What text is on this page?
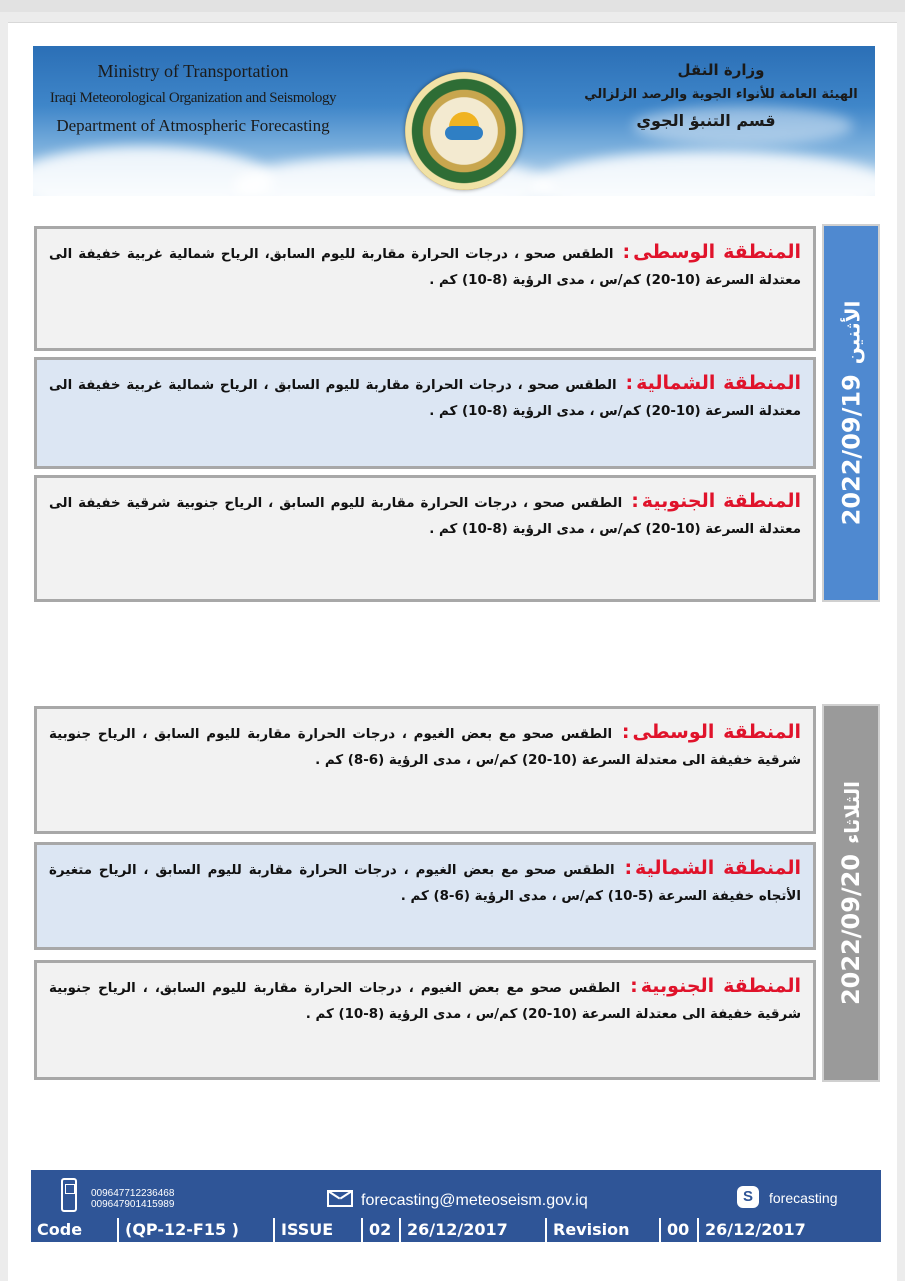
Ministry of Transportation
Iraqi Meteorological Organization and Seismology
Department of Atmospheric Forecasting
وزارة النقل
الهيئة العامة للأنواء الجوية والرصد الزلزالي
قسم التنبؤ الجوي
المنطقة الوسطى: الطقس صحو ، درجات الحرارة مقاربة لليوم السابق، الرياح شمالية غربية خفيفة الى معتدلة السرعة (10-20) كم/س ، مدى الرؤية (8-10) كم .
المنطقة الشمالية: الطقس صحو ، درجات الحرارة مقاربة لليوم السابق ، الرياح شمالية غربية خفيفة الى معتدلة السرعة (10-20) كم/س ، مدى الرؤية (8-10) كم .
المنطقة الجنوبية: الطقس صحو ، درجات الحرارة مقاربة لليوم السابق ، الرياح جنوبية شرقية خفيفة الى معتدلة السرعة (10-20) كم/س ، مدى الرؤية (8-10) كم .
2022/09/19الأثنين
المنطقة الوسطى: الطقس صحو مع بعض الغيوم ، درجات الحرارة مقاربة لليوم السابق ، الرياح جنوبية شرقية خفيفة الى معتدلة السرعة (10-20) كم/س ، مدى الرؤية (6-8) كم .
المنطقة الشمالية: الطقس صحو مع بعض الغيوم ، درجات الحرارة مقاربة لليوم السابق ، الرياح متغيرة الأتجاه خفيفة السرعة (5-10) كم/س ، مدى الرؤية (6-8) كم .
المنطقة الجنوبية: الطقس صحو مع بعض الغيوم ، درجات الحرارة مقاربة لليوم السابق، ، الرياح جنوبية شرقية خفيفة الى معتدلة السرعة (10-20) كم/س ، مدى الرؤية (8-10) كم .
2022/09/20الثلاثاء
009647712236468
009647901415989	forecasting@meteoseism.gov.iq	S	forecasting
Code	(QP-12-F15 )	ISSUE	02 26/12/2017	Revision	00 26/12/2017
